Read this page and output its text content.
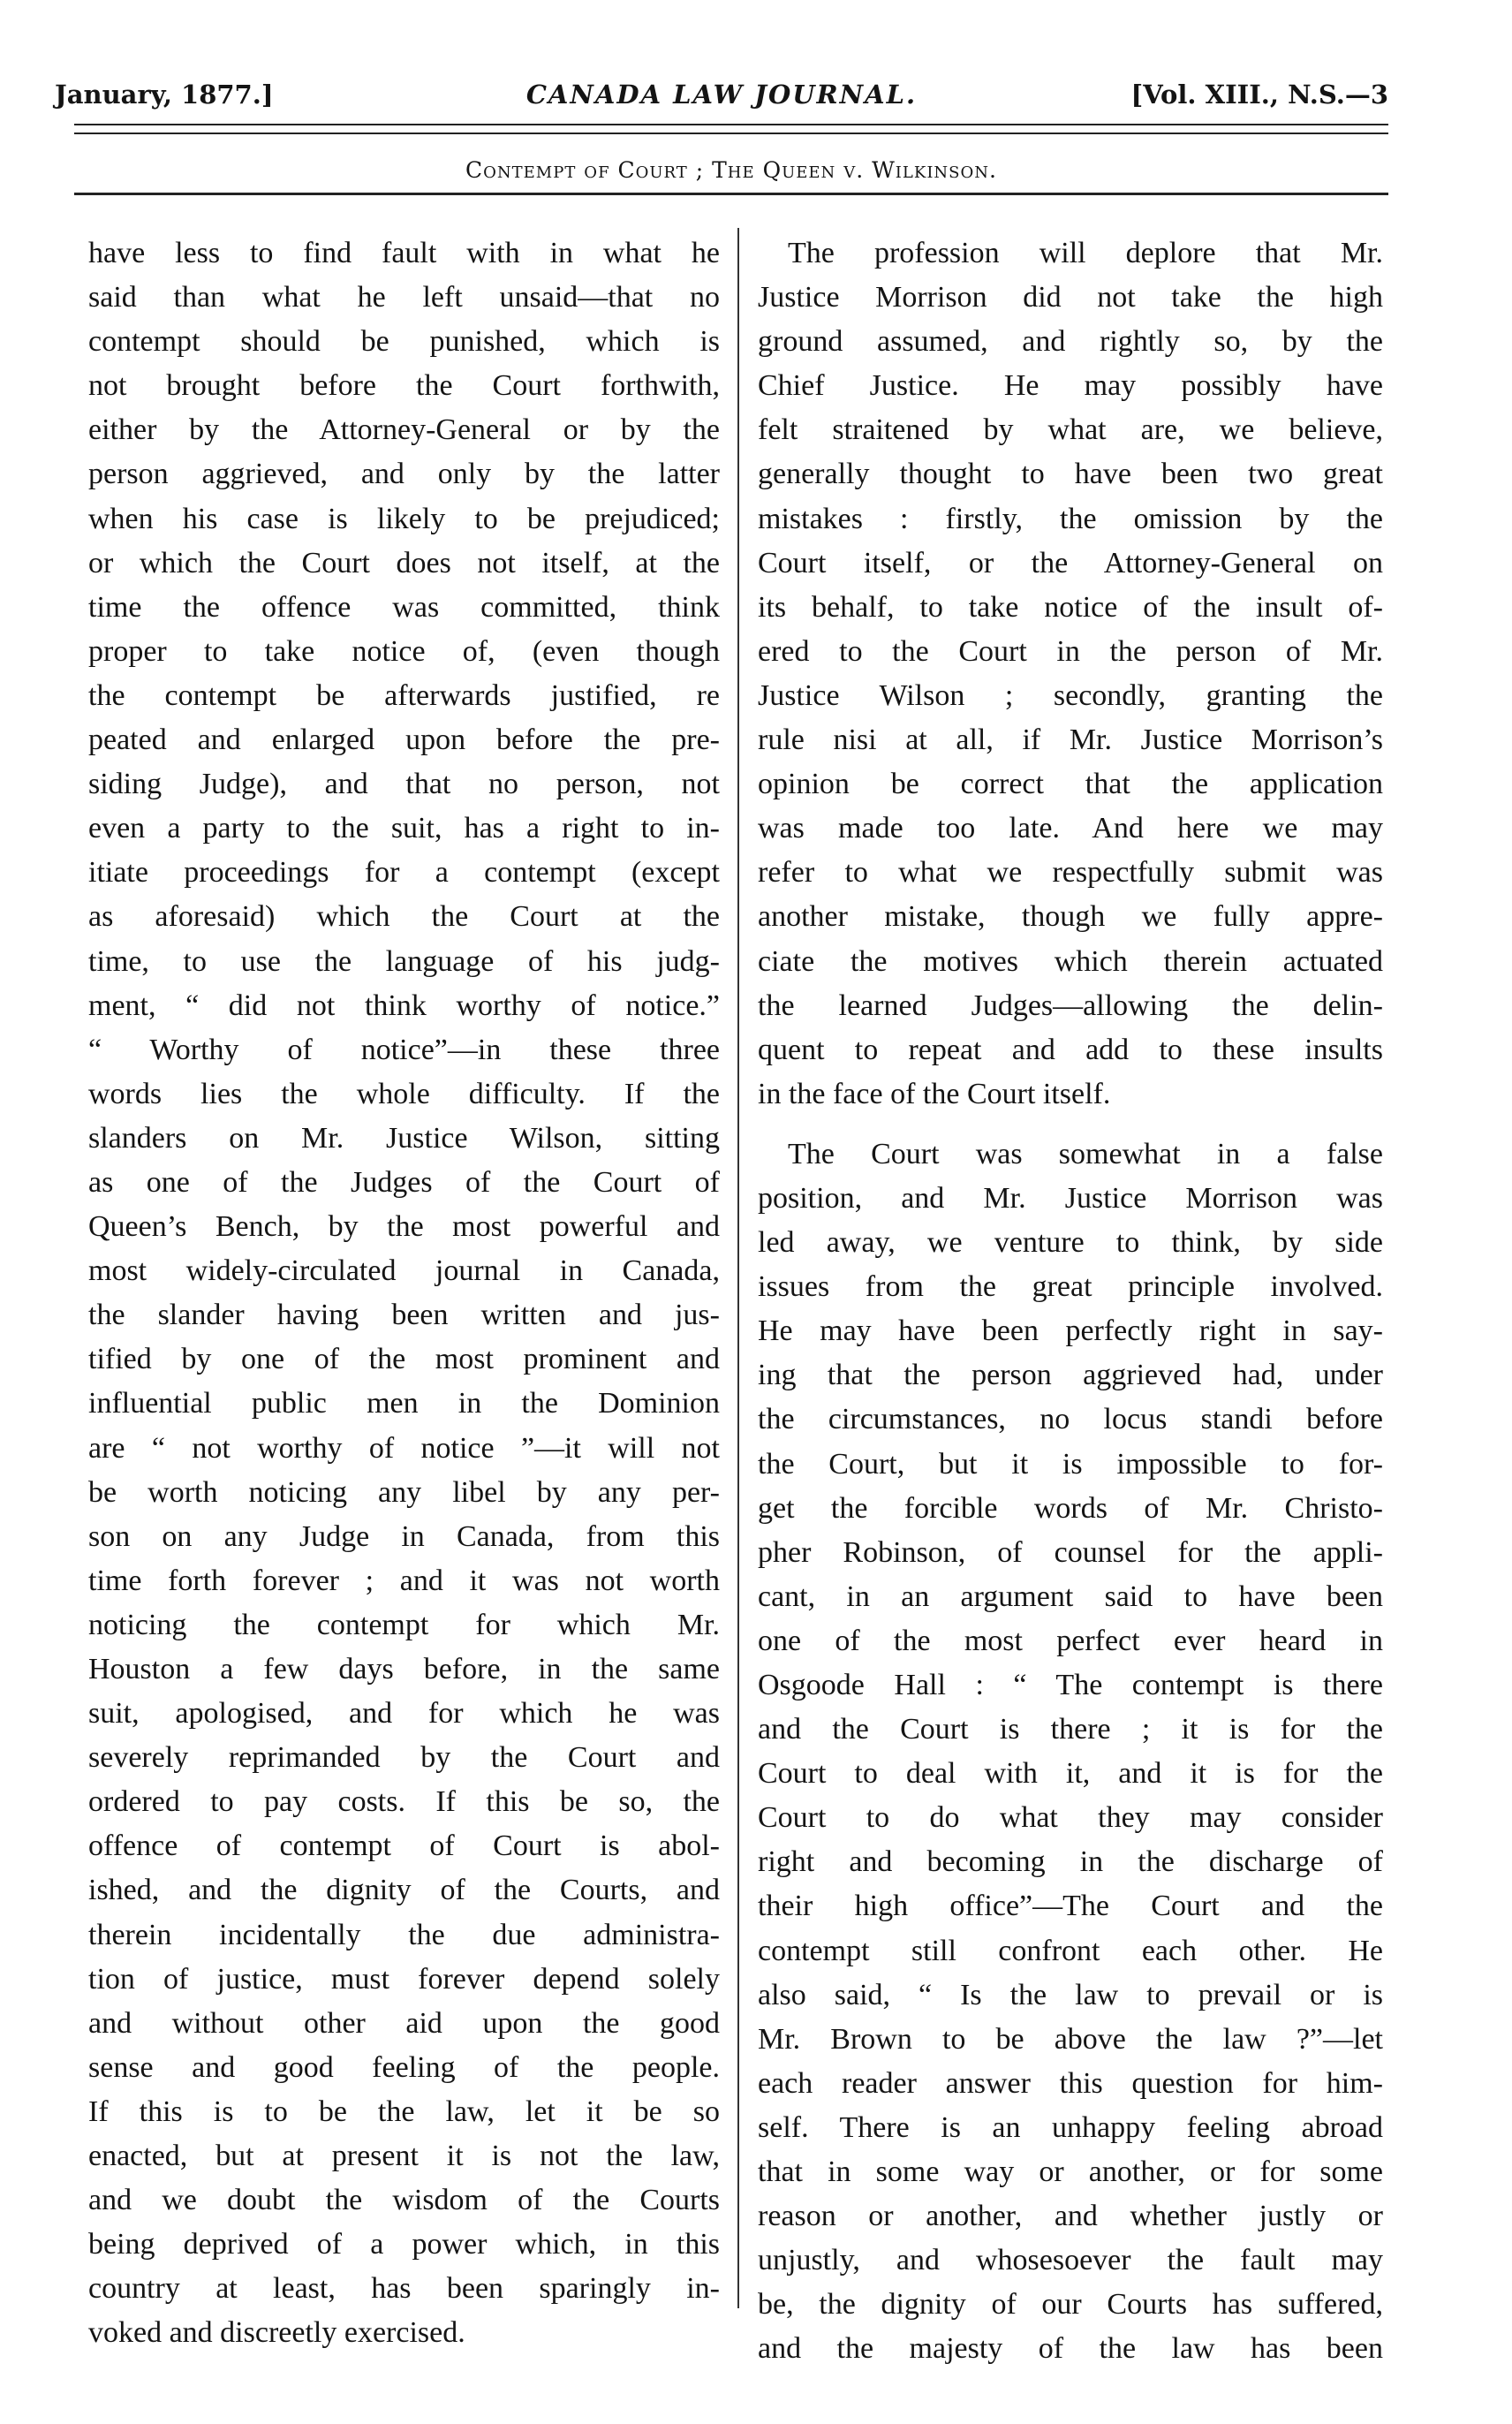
January, 1877.]	CANADA LAW JOURNAL.	[Vol. XIII., N.S.—3
Contempt of Court ; The Queen v. Wilkinson.

have less to find fault with in what he
said than what he left unsaid—that no
contempt should be punished, which is
not brought before the Court forthwith,
either by the Attorney-General or by the
person aggrieved, and only by the latter
when his case is likely to be prejudiced;
or which the Court does not itself, at the
time the offence was committed, think
proper to take notice of, (even though
the contempt be afterwards justified, re
peated and enlarged upon before the pre-
siding Judge), and that no person, not
even a party to the suit, has a right to in-
itiate proceedings for a contempt (except
as aforesaid) which the Court at the
time, to use the language of his judg-
ment, “ did not think worthy of notice.”
“ Worthy of notice”—in these three
words lies the whole difficulty. If the
slanders on Mr. Justice Wilson, sitting
as one of the Judges of the Court of
Queen’s Bench, by the most powerful and
most widely-circulated journal in Canada,
the slander having been written and jus-
tified by one of the most prominent and
influential public men in the Dominion
are “ not worthy of notice ”—it will not
be worth noticing any libel by any per-
son on any Judge in Canada, from this
time forth forever ; and it was not worth
noticing the contempt for which Mr.
Houston a few days before, in the same
suit, apologised, and for which he was
severely reprimanded by the Court and
ordered to pay costs. If this be so, the
offence of contempt of Court is abol-
ished, and the dignity of the Courts, and
therein incidentally the due administra-
tion of justice, must forever depend solely
and without other aid upon the good
sense and good feeling of the people.
If this is to be the law, let it be so
enacted, but at present it is not the law,
and we doubt the wisdom of the Courts
being deprived of a power which, in this
country at least, has been sparingly in-
voked and discreetly exercised.

The profession will deplore that Mr.
Justice Morrison did not take the high
ground assumed, and rightly so, by the
Chief Justice. He may possibly have
felt straitened by what are, we believe,
generally thought to have been two great
mistakes : firstly, the omission by the
Court itself, or the Attorney-General on
its behalf, to take notice of the insult of-
ered to the Court in the person of Mr.
Justice Wilson ; secondly, granting the
rule nisi at all, if Mr. Justice Morrison’s
opinion be correct that the application
was made too late. And here we may
refer to what we respectfully submit was
another mistake, though we fully appre-
ciate the motives which therein actuated
the learned Judges—allowing the delin-
quent to repeat and add to these insults
in the face of the Court itself.

The Court was somewhat in a false
position, and Mr. Justice Morrison was
led away, we venture to think, by side
issues from the great principle involved.
He may have been perfectly right in say-
ing that the person aggrieved had, under
the circumstances, no locus standi before
the Court, but it is impossible to for-
get the forcible words of Mr. Christo-
pher Robinson, of counsel for the appli-
cant, in an argument said to have been
one of the most perfect ever heard in
Osgoode Hall : “ The contempt is there
and the Court is there ; it is for the
Court to deal with it, and it is for the
Court to do what they may consider
right and becoming in the discharge of
their high office”—The Court and the
contempt still confront each other. He
also said, “ Is the law to prevail or is
Mr. Brown to be above the law ?”—let
each reader answer this question for him-
self. There is an unhappy feeling abroad
that in some way or another, or for some
reason or another, and whether justly or
unjustly, and whosesoever the fault may
be, the dignity of our Courts has suffered,
and the majesty of the law has been
